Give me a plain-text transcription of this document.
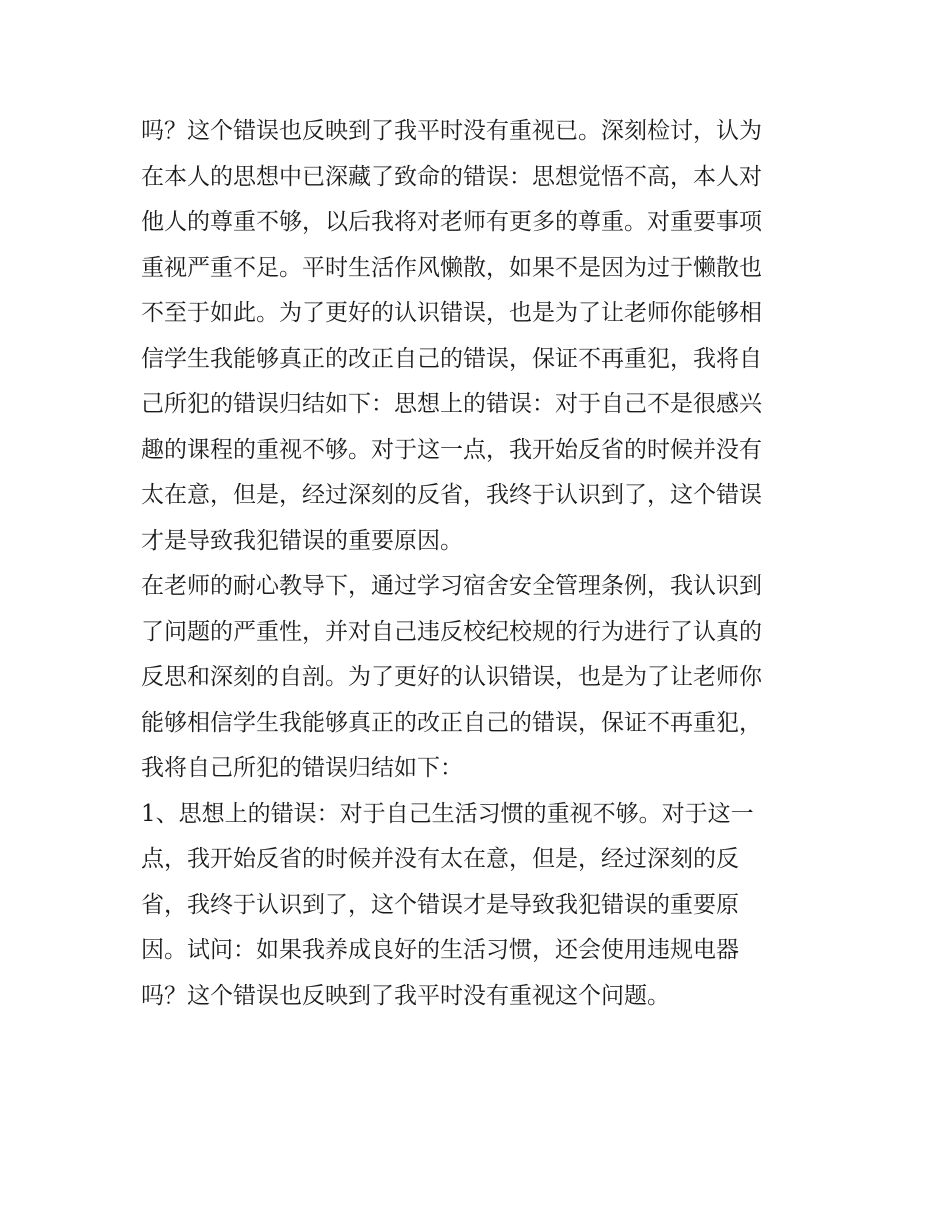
吗？这个错误也反映到了我平时没有重视已。深刻检讨，认为
在本人的思想中已深藏了致命的错误：思想觉悟不高，本人对
他人的尊重不够，以后我将对老师有更多的尊重。对重要事项
重视严重不足。平时生活作风懒散，如果不是因为过于懒散也
不至于如此。为了更好的认识错误，也是为了让老师你能够相
信学生我能够真正的改正自己的错误，保证不再重犯，我将自
己所犯的错误归结如下：思想上的错误：对于自己不是很感兴
趣的课程的重视不够。对于这一点，我开始反省的时候并没有
太在意，但是，经过深刻的反省，我终于认识到了，这个错误
才是导致我犯错误的重要原因。
在老师的耐心教导下，通过学习宿舍安全管理条例，我认识到
了问题的严重性，并对自己违反校纪校规的行为进行了认真的
反思和深刻的自剖。为了更好的认识错误，也是为了让老师你
能够相信学生我能够真正的改正自己的错误，保证不再重犯，
我将自己所犯的错误归结如下：
1、思想上的错误：对于自己生活习惯的重视不够。对于这一
点，我开始反省的时候并没有太在意，但是，经过深刻的反
省，我终于认识到了，这个错误才是导致我犯错误的重要原
因。试问：如果我养成良好的生活习惯，还会使用违规电器
吗？这个错误也反映到了我平时没有重视这个问题。
